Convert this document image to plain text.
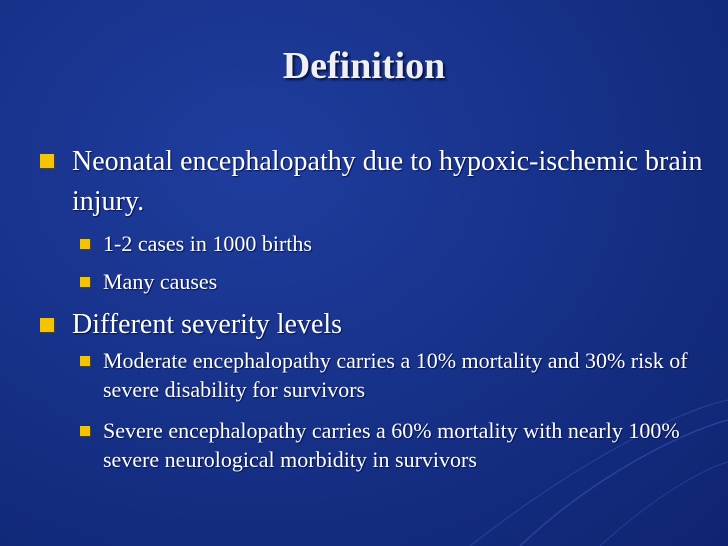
Definition
Neonatal encephalopathy due to hypoxic-ischemic brain injury.
1-2 cases in 1000 births
Many causes
Different severity levels
Moderate encephalopathy carries a 10% mortality and 30% risk of severe disability for survivors
Severe encephalopathy carries a 60% mortality with nearly 100% severe neurological morbidity in survivors
